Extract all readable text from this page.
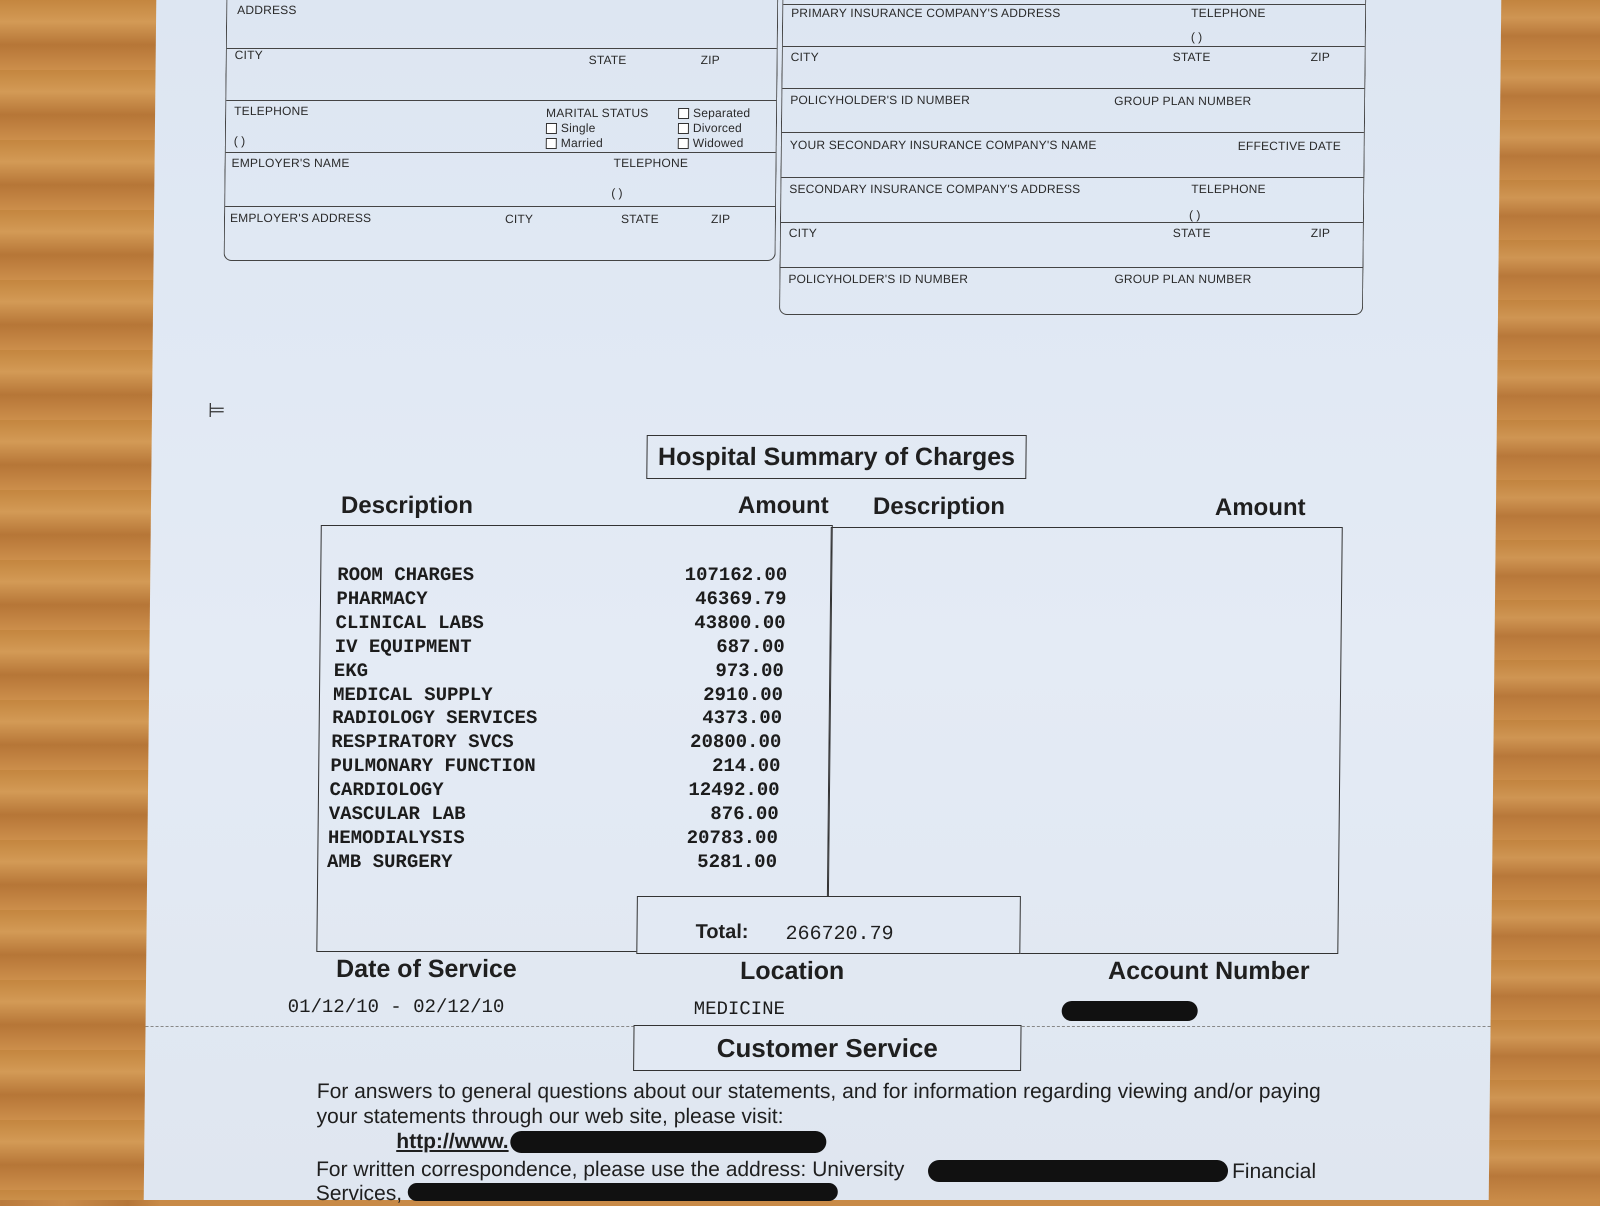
ADDRESS
CITY	STATE	ZIP
TELEPHONE
( )
MARITAL STATUS
Single
Married
Separated
Divorced
Widowed
EMPLOYER'S NAME	TELEPHONE
( )
EMPLOYER'S ADDRESS	CITY	STATE	ZIP
PRIMARY INSURANCE COMPANY'S ADDRESS	TELEPHONE
( )
CITY	STATE	ZIP
POLICYHOLDER'S ID NUMBER	GROUP PLAN NUMBER
YOUR SECONDARY INSURANCE COMPANY'S NAME	EFFECTIVE DATE
SECONDARY INSURANCE COMPANY'S ADDRESS	TELEPHONE
( )
CITY	STATE	ZIP
POLICYHOLDER'S ID NUMBER	GROUP PLAN NUMBER
⊨
Hospital Summary of Charges
Description	Amount Description	Amount
ROOM CHARGES	107162.00
PHARMACY	46369.79
CLINICAL LABS	43800.00
IV EQUIPMENT	687.00
EKG	973.00
MEDICAL SUPPLY	2910.00
RADIOLOGY SERVICES	4373.00
RESPIRATORY SVCS	20800.00
PULMONARY FUNCTION	214.00
CARDIOLOGY	12492.00
VASCULAR LAB	876.00
HEMODIALYSIS	20783.00
AMB SURGERY	5281.00
Total: 266720.79
Date of Service
01/12/10 - 02/12/10
Location
MEDICINE
Account Number
Customer Service
For answers to general questions about our statements, and for information regarding viewing and/or paying
your statements through our web site, please visit:
http://www.
For written correspondence, please use the address: University	Financial
Services,
